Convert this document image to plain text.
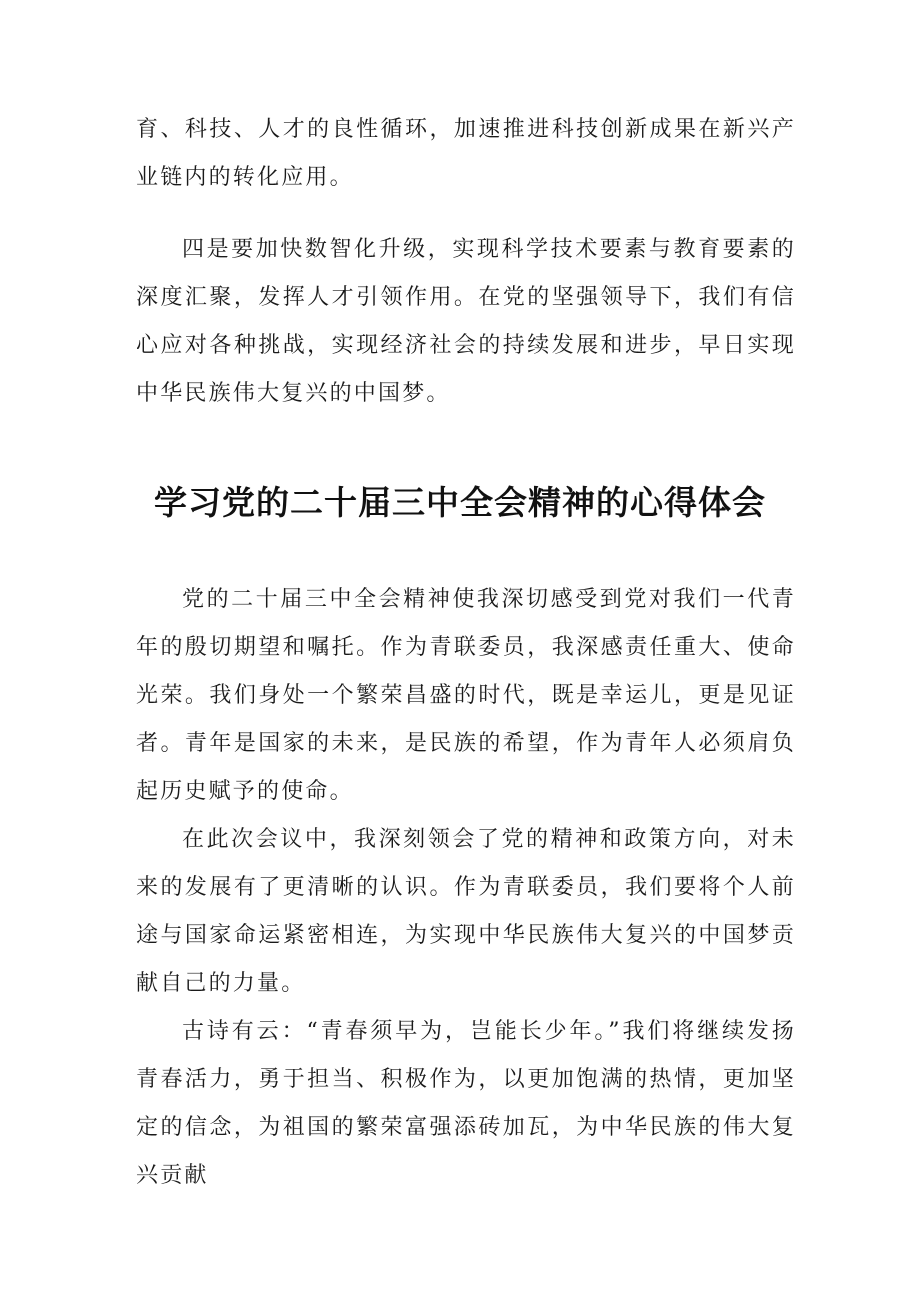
育、科技、人才的良性循环，加速推进科技创新成果在新兴产业链内的转化应用。

四是要加快数智化升级，实现科学技术要素与教育要素的深度汇聚，发挥人才引领作用。在党的坚强领导下，我们有信心应对各种挑战，实现经济社会的持续发展和进步，早日实现中华民族伟大复兴的中国梦。

学习党的二十届三中全会精神的心得体会

党的二十届三中全会精神使我深切感受到党对我们一代青年的殷切期望和嘱托。作为青联委员，我深感责任重大、使命光荣。我们身处一个繁荣昌盛的时代，既是幸运儿，更是见证者。青年是国家的未来，是民族的希望，作为青年人必须肩负起历史赋予的使命。

在此次会议中，我深刻领会了党的精神和政策方向，对未来的发展有了更清晰的认识。作为青联委员，我们要将个人前途与国家命运紧密相连，为实现中华民族伟大复兴的中国梦贡献自己的力量。

古诗有云：“青春须早为，岂能长少年。”我们将继续发扬青春活力，勇于担当、积极作为，以更加饱满的热情，更加坚定的信念，为祖国的繁荣富强添砖加瓦，为中华民族的伟大复兴贡献
